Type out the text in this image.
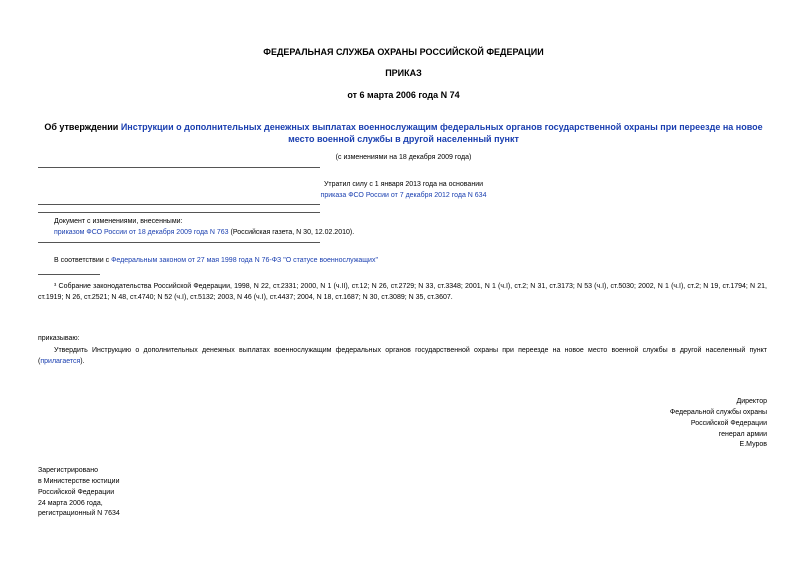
ФЕДЕРАЛЬНАЯ СЛУЖБА ОХРАНЫ РОССИЙСКОЙ ФЕДЕРАЦИИ
ПРИКАЗ
от 6 марта 2006 года N 74
Об утверждении Инструкции о дополнительных денежных выплатах военнослужащим федеральных органов государственной охраны при переезде на новое место военной службы в другой населенный пункт
(с изменениями на 18 декабря 2009 года)
Утратил силу с 1 января 2013 года на основании
приказа ФСО России от 7 декабря 2012 года N 634
Документ с изменениями, внесенными:
приказом ФСО России от 18 декабря 2009 года N 763 (Российская газета, N 30, 12.02.2010).
В соответствии с Федеральным законом от 27 мая 1998 года N 76-ФЗ "О статусе военнослужащих"
¹ Собрание законодательства Российской Федерации, 1998, N 22, ст.2331; 2000, N 1 (ч.II), ст.12; N 26, ст.2729; N 33, ст.3348; 2001, N 1 (ч.I), ст.2; N 31, ст.3173; N 53 (ч.I), ст.5030; 2002, N 1 (ч.I), ст.2; N 19, ст.1794; N 21, ст.1919; N 26, ст.2521; N 48, ст.4740; N 52 (ч.I), ст.5132; 2003, N 46 (ч.I), ст.4437; 2004, N 18, ст.1687; N 30, ст.3089; N 35, ст.3607.
приказываю:
Утвердить Инструкцию о дополнительных денежных выплатах военнослужащим федеральных органов государственной охраны при переезде на новое место военной службы в другой населенный пункт (прилагается).
Директор
Федеральной службы охраны
Российской Федерации
генерал армии
Е.Муров
Зарегистрировано
в Министерстве юстиции
Российской Федерации
24 марта 2006 года,
регистрационный N 7634
